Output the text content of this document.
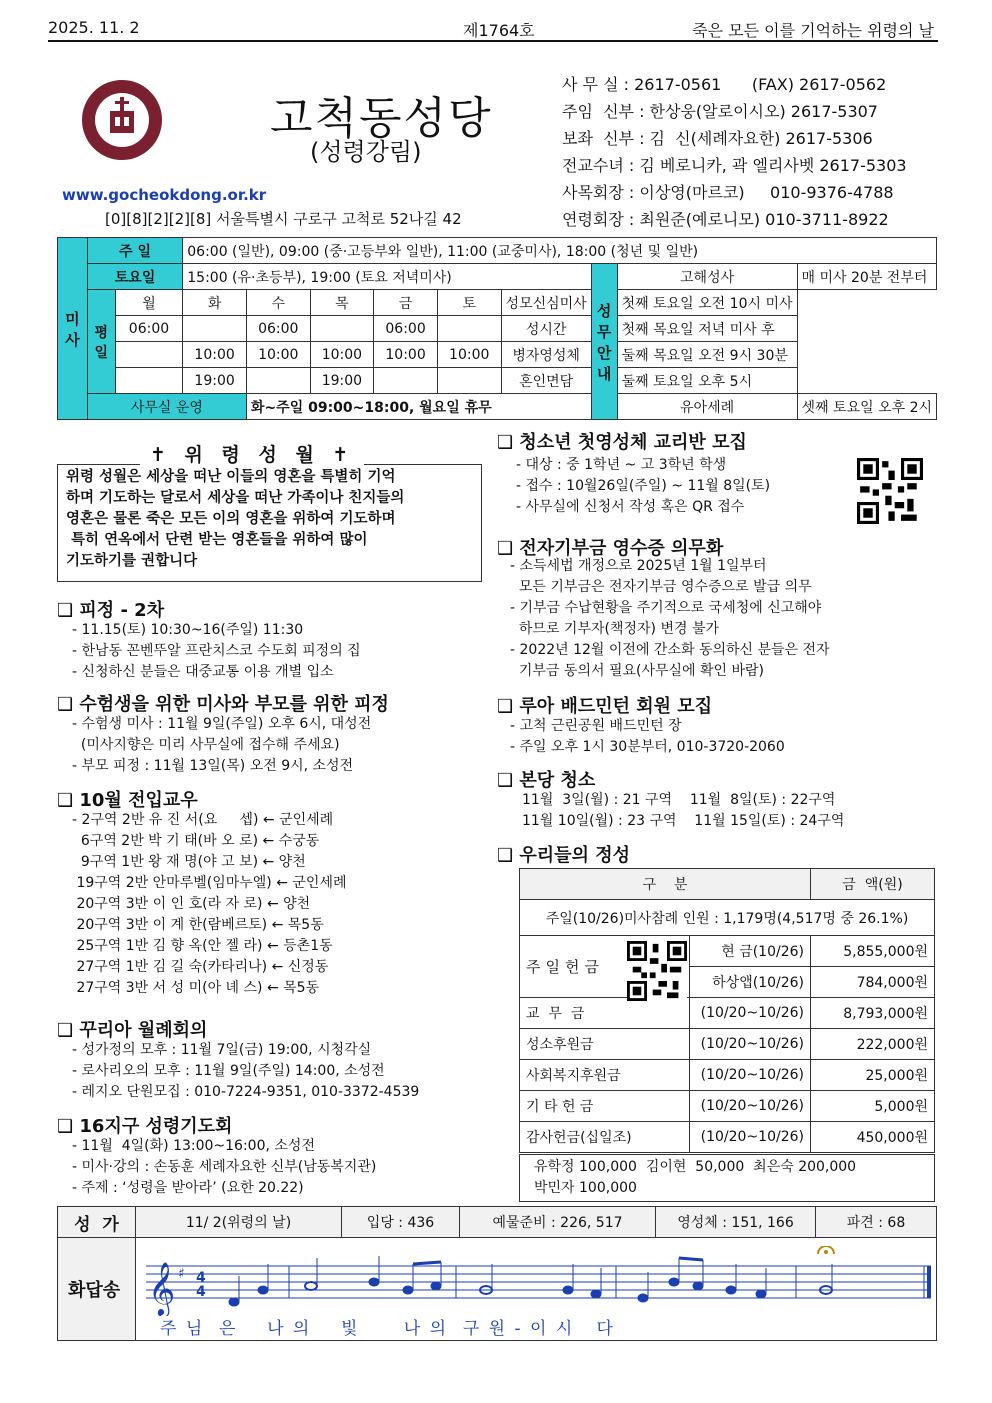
2025. 11. 2	제1764호	죽은 모든 이를 기억하는 위령의 날
고척동성당
(성령강림)
www.gocheokdong.or.kr
[0][8][2][2][8] 서울특별시 구로구 고척로 52나길 42
사 무 실 : 2617-0561      (FAX) 2617-0562
주임  신부 : 한상웅(알로이시오) 2617-5307
보좌  신부 : 김  신(세례자요한) 2617-5306
전교수녀 : 김 베로니카, 곽 엘리사벳 2617-5303
사목회장 : 이상영(마르코)     010-9376-4788
연령회장 : 최원준(예로니모) 010-3711-8922
미사	주 일		06:00 (일반), 09:00 (중·고등부와 일반), 11:00 (교중미사), 18:00 (청년 및 일반)								
	토요일		15:00 (유·초등부), 19:00 (토요 저녁미사)						성무안내	고해성사	매 미사 20분 전부터
	평일	월	화	수	목	금	토	성모신심미사		첫째 토요일 오전 10시 미사	
		06:00		06:00		06:00		성시간		첫째 목요일 저녁 미사 후	
			10:00	10:00	10:00	10:00	10:00	병자영성체		둘째 목요일 오전 9시 30분	
			19:00		19:00			혼인면담		둘째 토요일 오후 5시	
	사무실 운영			화~주일 09:00~18:00, 월요일 휴무						유아세례	셋째 토요일 오후 2시
위령 성월은 세상을 떠난 이들의 영혼을 특별히 기억
하며 기도하는 달로서 세상을 떠난 가족이나 친지들의
영혼은 물론 죽은 모든 이의 영혼을 위하여 기도하며
특히 연옥에서 단련 받는 영혼들을 위하여 많이
기도하기를 권합니다
✝ 위 령 성 월 ✝
❑ 피정 - 2차
- 11.15(토) 10:30~16(주일) 11:30
- 한남동 꼰벤뚜알 프란치스코 수도회 피정의 집
- 신청하신 분들은 대중교통 이용 개별 입소
❑ 수험생을 위한 미사와 부모를 위한 피정
- 수험생 미사 : 11월 9일(주일) 오후 6시, 대성전
(미사지향은 미리 사무실에 접수해 주세요)
- 부모 피정 : 11월 13일(목) 오전 9시, 소성전
❑ 10월 전입교우
- 2구역 2반 유 진 서(요     셉) ← 군인세례
6구역 2반 박 기 태(바 오 로) ← 수궁동
9구역 1반 왕 재 명(야 고 보) ← 양천
19구역 2반 안마루벨(임마누엘) ← 군인세례
20구역 3반 이 인 호(라 자 로) ← 양천
20구역 3반 이 계 한(람베르토) ← 목5동
25구역 1반 김 향 옥(안 젤 라) ← 등촌1동
27구역 1반 김 길 숙(카타리나) ← 신정동
27구역 3반 서 성 미(아 녜 스) ← 목5동
❑ 꾸리아 월례회의
- 성가정의 모후 : 11월 7일(금) 19:00, 시청각실
- 로사리오의 모후 : 11월 9일(주일) 14:00, 소성전
- 레지오 단원모집 : 010-7224-9351, 010-3372-4539
❑ 16지구 성령기도회
- 11월  4일(화) 13:00~16:00, 소성전
- 미사·강의 : 손동훈 세례자요한 신부(남동복지관)
- 주제 : ‘성령을 받아라’ (요한 20.22)
❑ 청소년 첫영성체 교리반 모집
- 대상 : 중 1학년 ~ 고 3학년 학생
- 접수 : 10월26일(주일) ~ 11월 8일(토)
- 사무실에 신청서 작성 혹은 QR 접수
❑ 전자기부금 영수증 의무화
- 소득세법 개정으로 2025년 1월 1일부터
모든 기부금은 전자기부금 영수증으로 발급 의무
- 기부금 수납현황을 주기적으로 국세청에 신고해야
하므로 기부자(책정자) 변경 불가
- 2022년 12월 이전에 간소화 동의하신 분들은 전자
기부금 동의서 필요(사무실에 확인 바람)
❑ 루아 배드민턴 회원 모집
- 고척 근린공원 배드민턴 장
- 주일 오후 1시 30분부터, 010-3720-2060
❑ 본당 청소
11월  3일(월) : 21 구역    11월  8일(토) : 22구역
11월 10일(월) : 23 구역    11월 15일(토) : 24구역
❑ 우리들의 정성
구    분		금  액(원)
주일(10/26)미사참례 인원 : 1,179명(4,517명 중 26.1%)		
주일헌금	현 금(10/26)	5,855,000원
	하상앱(10/26)	784,000원
교  무  금	(10/20~10/26)	8,793,000원
성소후원금	(10/20~10/26)	222,000원
사회복지후원금	(10/20~10/26)	25,000원
기 타 헌 금	(10/20~10/26)	5,000원
감사헌금(십일조)	(10/20~10/26)	450,000원
유학정 100,000  김이현  50,000  최은숙 200,000
박민자 100,000
성  가	11/ 2(위령의 날)	입당 : 436	예물준비 : 226, 517	영성체 : 151, 166	파견 : 68
화답송 𝄞 ♯ 4
4
주 님  은    나 의    빛      나 의  구 원 - 이 시   다
